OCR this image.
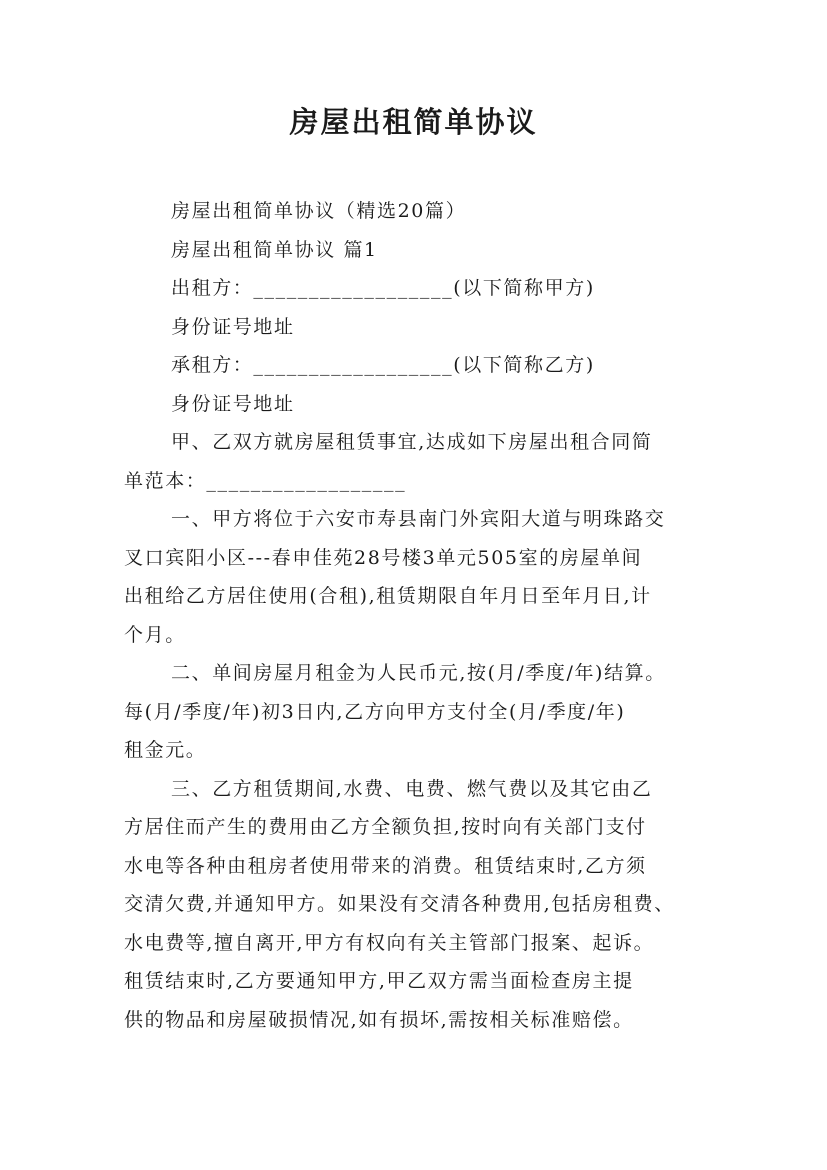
房屋出租简单协议

房屋出租简单协议（精选20篇）

房屋出租简单协议 篇1

出租方：__________________(以下简称甲方)

身份证号地址

承租方：__________________(以下简称乙方)

身份证号地址

甲、乙双方就房屋租赁事宜,达成如下房屋出租合同简

单范本：__________________

一、甲方将位于六安市寿县南门外宾阳大道与明珠路交

叉口宾阳小区---春申佳苑28号楼3单元505室的房屋单间

出租给乙方居住使用(合租),租赁期限自年月日至年月日,计

个月。

二、单间房屋月租金为人民币元,按(月/季度/年)结算。

每(月/季度/年)初3日内,乙方向甲方支付全(月/季度/年)

租金元。

三、乙方租赁期间,水费、电费、燃气费以及其它由乙

方居住而产生的费用由乙方全额负担,按时向有关部门支付

水电等各种由租房者使用带来的消费。租赁结束时,乙方须

交清欠费,并通知甲方。如果没有交清各种费用,包括房租费、

水电费等,擅自离开,甲方有权向有关主管部门报案、起诉。

租赁结束时,乙方要通知甲方,甲乙双方需当面检查房主提

供的物品和房屋破损情况,如有损坏,需按相关标准赔偿。
